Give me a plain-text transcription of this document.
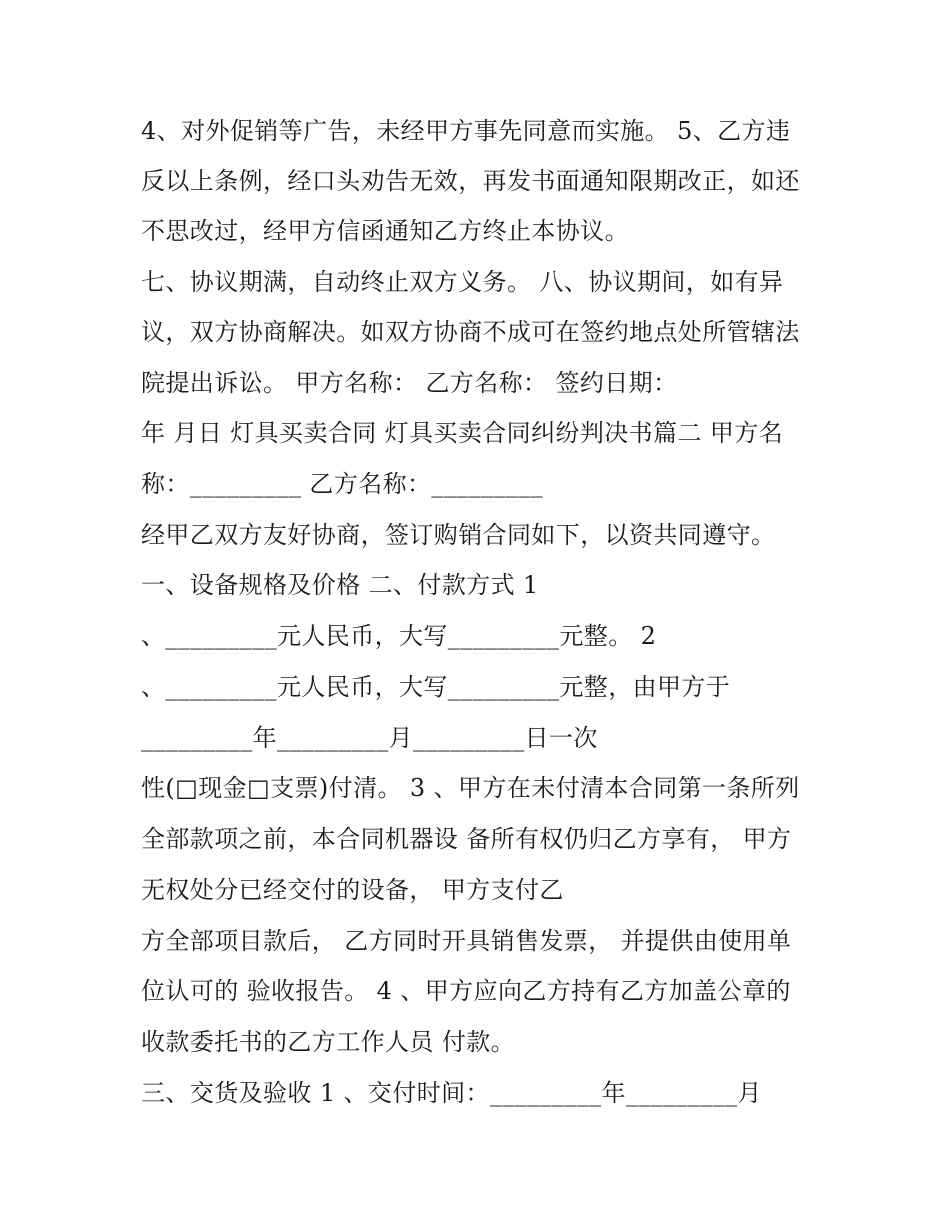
4、对外促销等广告，未经甲方事先同意而实施。 5、乙方违
反以上条例，经口头劝告无效，再发书面通知限期改正，如还
不思改过，经甲方信函通知乙方终止本协议。
七、协议期满，自动终止双方义务。 八、协议期间，如有异
议，双方协商解决。如双方协商不成可在签约地点处所管辖法
院提出诉讼。 甲方名称： 乙方名称： 签约日期：
年 月日 灯具买卖合同 灯具买卖合同纠纷判决书篇二 甲方名
称：_________ 乙方名称：_________
经甲乙双方友好协商，签订购销合同如下，以资共同遵守。
一、设备规格及价格 二、付款方式 1
、_________元人民币，大写_________元整。 2
、_________元人民币，大写_________元整，由甲方于
_________年_________月_________日一次
性(□现金□支票)付清。 3 、甲方在未付清本合同第一条所列
全部款项之前，本合同机器设 备所有权仍归乙方享有， 甲方
无权处分已经交付的设备， 甲方支付乙
方全部项目款后， 乙方同时开具销售发票， 并提供由使用单
位认可的 验收报告。 4 、甲方应向乙方持有乙方加盖公章的
收款委托书的乙方工作人员 付款。
三、交货及验收 1 、交付时间：_________年_________月
